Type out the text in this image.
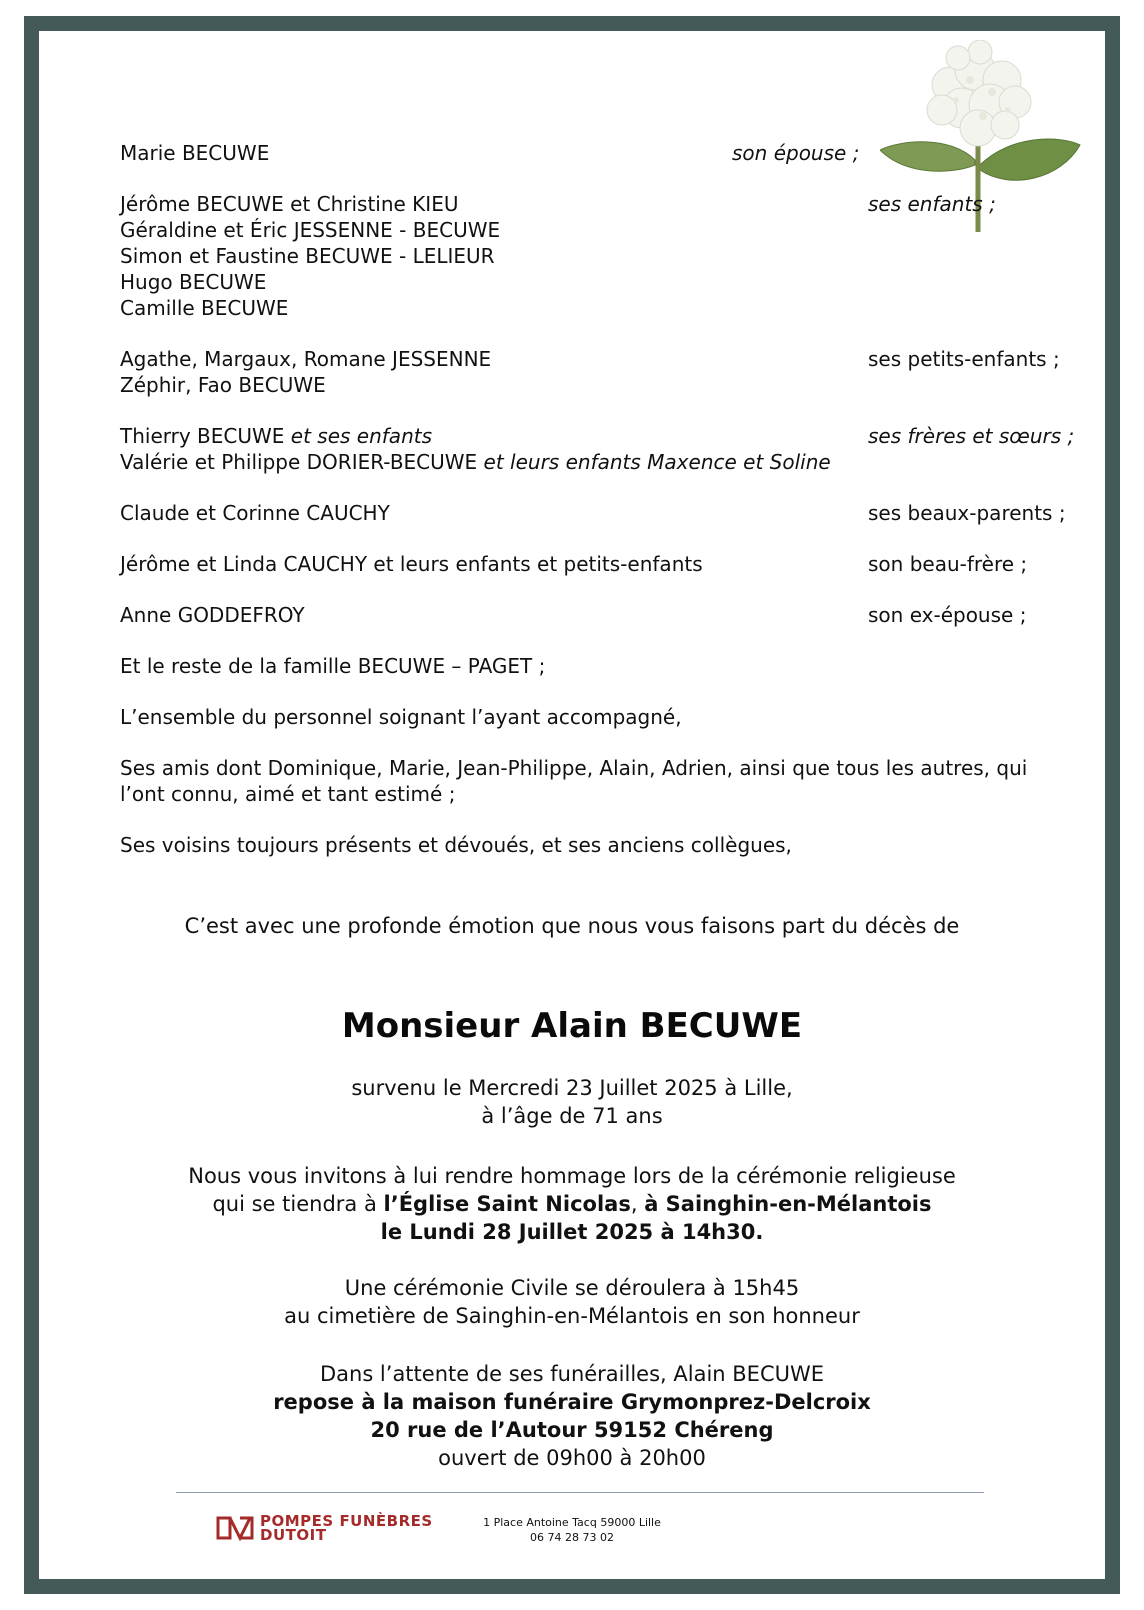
Marie BECUWE	son épouse ;
Jérôme BECUWE et Christine KIEU	ses enfants ;
Géraldine et Éric JESSENNE - BECUWE
Simon et Faustine BECUWE - LELIEUR
Hugo BECUWE
Camille BECUWE
Agathe, Margaux, Romane JESSENNE	ses petits-enfants ;
Zéphir, Fao BECUWE
Thierry BECUWE et ses enfants	ses frères et sœurs ;
Valérie et Philippe DORIER-BECUWE et leurs enfants Maxence et Soline
Claude et Corinne CAUCHY	ses beaux-parents ;
Jérôme et Linda CAUCHY et leurs enfants et petits-enfants	son beau-frère ;
Anne GODDEFROY	son ex-épouse ;
Et le reste de la famille BECUWE – PAGET ;
L’ensemble du personnel soignant l’ayant accompagné,
Ses amis dont Dominique, Marie, Jean-Philippe, Alain, Adrien, ainsi que tous les autres, qui
l’ont connu, aimé et tant estimé ;
Ses voisins toujours présents et dévoués, et ses anciens collègues,
C’est avec une profonde émotion que nous vous faisons part du décès de
Monsieur Alain BECUWE
survenu le Mercredi 23 Juillet 2025 à Lille,
à l’âge de 71 ans
Nous vous invitons à lui rendre hommage lors de la cérémonie religieuse
qui se tiendra à l’Église Saint Nicolas, à Sainghin-en-Mélantois
le Lundi 28 Juillet 2025 à 14h30.
Une cérémonie Civile se déroulera à 15h45
au cimetière de Sainghin-en-Mélantois en son honneur
Dans l’attente de ses funérailles, Alain BECUWE
repose à la maison funéraire Grymonprez-Delcroix
20 rue de l’Autour 59152 Chéreng
ouvert de 09h00 à 20h00
POMPES FUNÈBRES
DUTOIT
1 Place Antoine Tacq 59000 Lille
06 74 28 73 02
